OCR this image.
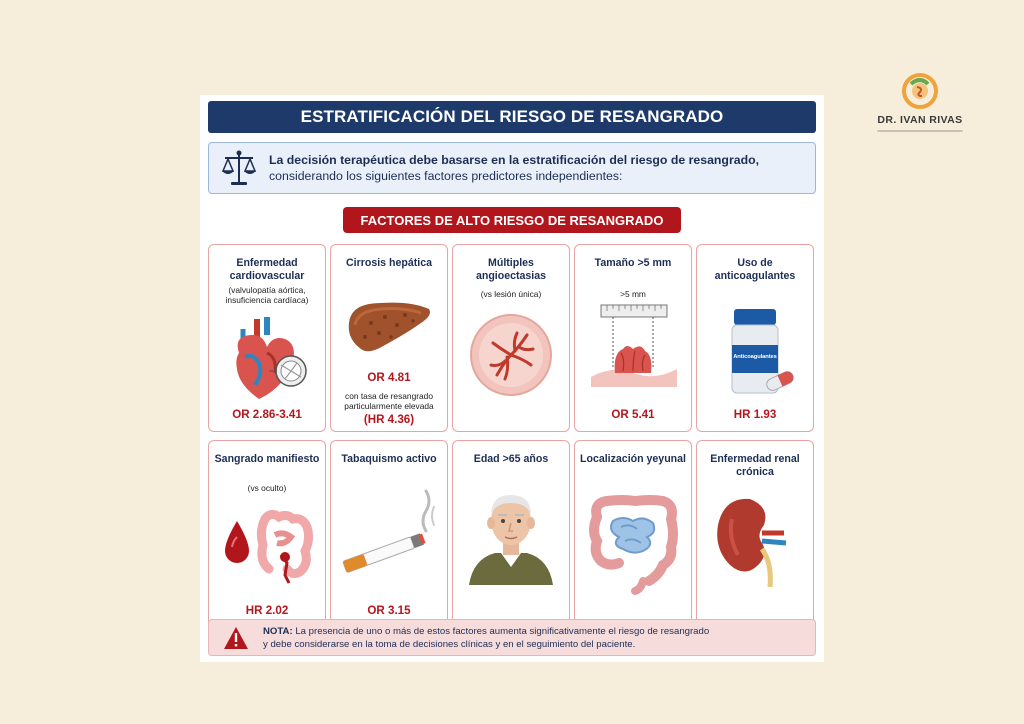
DR. IVAN RIVAS
ESTRATIFICACIÓN DEL RIESGO DE RESANGRADO
La decisión terapéutica debe basarse en la estratificación del riesgo de resangrado,
considerando los siguientes factores predictores independientes:
FACTORES DE ALTO RIESGO DE RESANGRADO
Enfermedad cardiovascular
(valvulopatía aórtica, insuficiencia cardíaca)
OR 2.86-3.41
Cirrosis hepática
OR 4.81
con tasa de resangrado particularmente elevada
(HR 4.36)
Múltiples angioectasias
(vs lesión única)
Tamaño >5 mm
>5 mm
OR 5.41
Uso de anticoagulantes
Anticoagulantes
HR 1.93
Sangrado manifiesto
(vs oculto)
HR 2.02
Tabaquismo activo
OR 3.15
Edad >65 años	Localización yeyunal	Enfermedad renal crónica
NOTA: La presencia de uno o más de estos factores aumenta significativamente el riesgo de resangrado
y debe considerarse en la toma de decisiones clínicas y en el seguimiento del paciente.
